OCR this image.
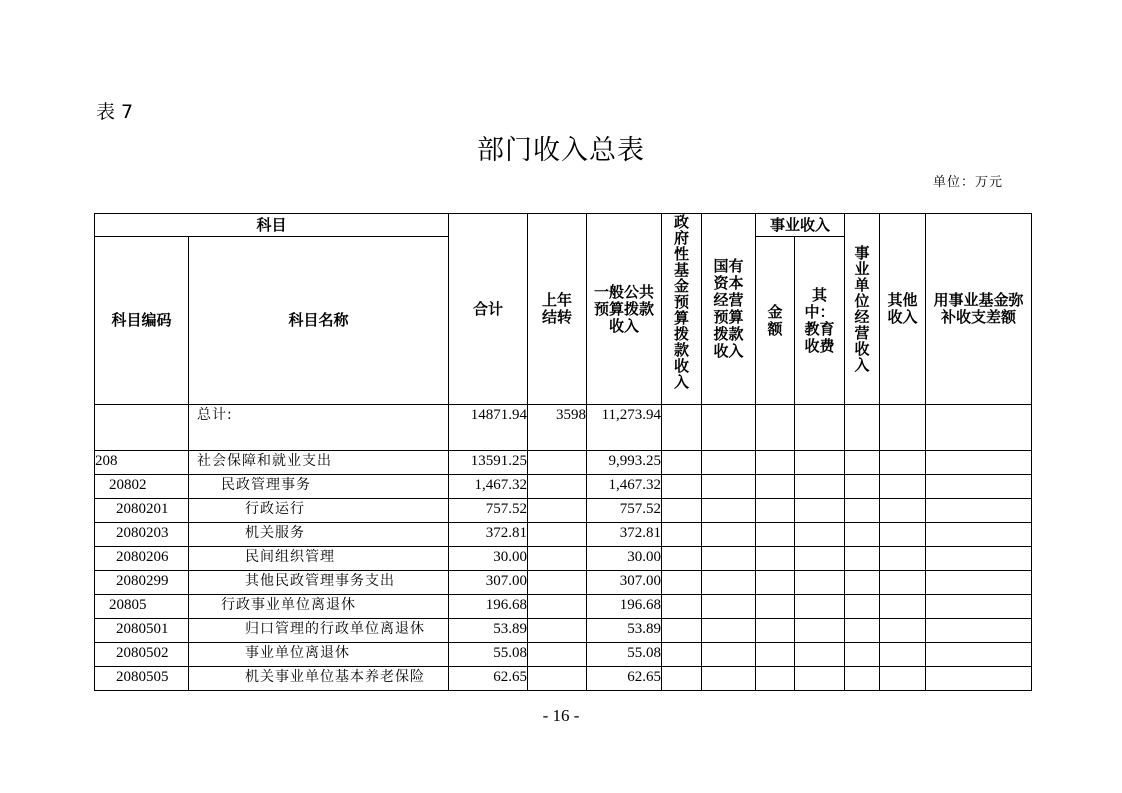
表 7
部门收入总表
单位：万元
科目		合计	上年结转	一般公共预算拨款收入	政府性基金预算拨款收入	国有资本经营预算拨款收入	事业收入		事业单位经营收入	其他收入	用事业基金弥补收支差额

科目编码	科目名称						金额	其中：教育收费			

	总计:	14871.94	3598	11,273.94							
208	社会保障和就业支出	13591.25		9,993.25							
20802	民政管理事务	1,467.32		1,467.32							
2080201	行政运行	757.52		757.52							
2080203	机关服务	372.81		372.81							
2080206	民间组织管理	30.00		30.00							
2080299	其他民政管理事务支出	307.00		307.00							
20805	行政事业单位离退休	196.68		196.68							
2080501	归口管理的行政单位离退休	53.89		53.89							
2080502	事业单位离退休	55.08		55.08							
2080505	机关事业单位基本养老保险	62.65		62.65							
- 16 -
